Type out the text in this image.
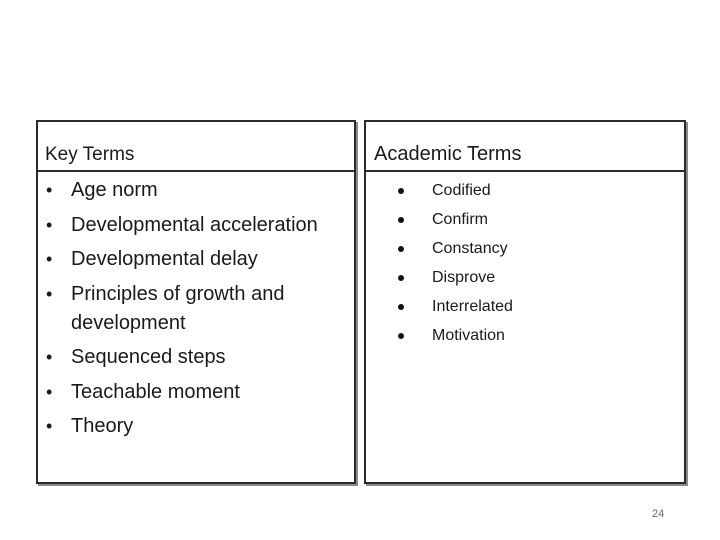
Key Terms
• Age norm
• Developmental acceleration
• Developmental delay
• Principles of growth and development
• Sequenced steps
• Teachable moment
• Theory
Academic Terms
Codified
Confirm
Constancy
Disprove
Interrelated
Motivation
24
